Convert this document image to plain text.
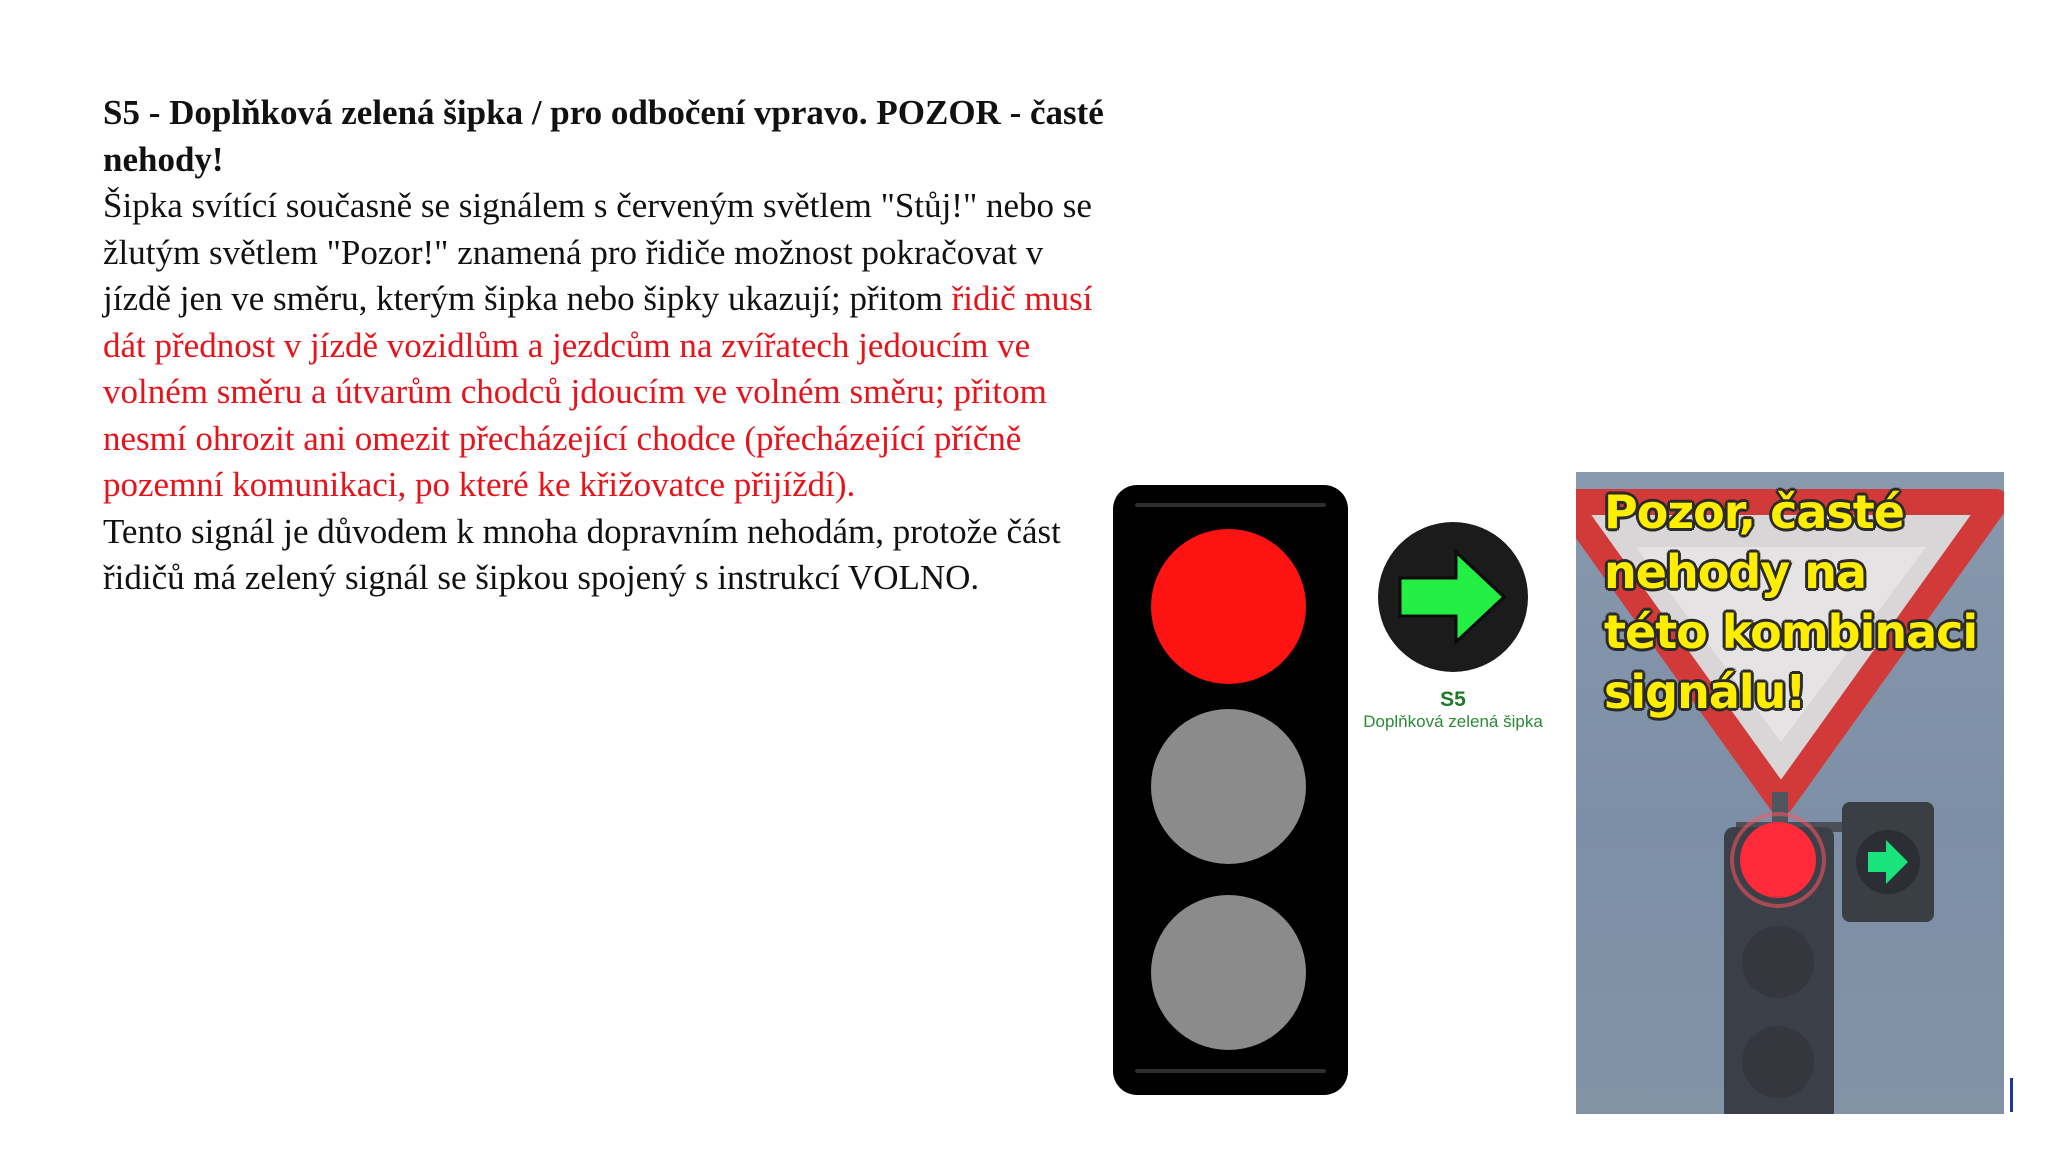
S5 - Doplňková zelená šipka / pro odbočení vpravo. POZOR - časté nehody!

Šipka svítící současně se signálem s červeným světlem "Stůj!" nebo se žlutým světlem "Pozor!" znamená pro řidiče možnost pokračovat v jízdě jen ve směru, kterým šipka nebo šipky ukazují; přitom řidič musí dát přednost v jízdě vozidlům a jezdcům na zvířatech jedoucím ve volném směru a útvarům chodců jdoucím ve volném směru; přitom nesmí ohrozit ani omezit přecházející chodce (přecházející příčně pozemní komunikaci, po které ke křižovatce přijíždí).

Tento signál je důvodem k mnoha dopravním nehodám, protože část řidičů má zelený signál se šipkou spojený s instrukcí VOLNO.

S5
Doplňková zelená šipka
Pozor, časté
nehody na
této kombinaci
signálu!
